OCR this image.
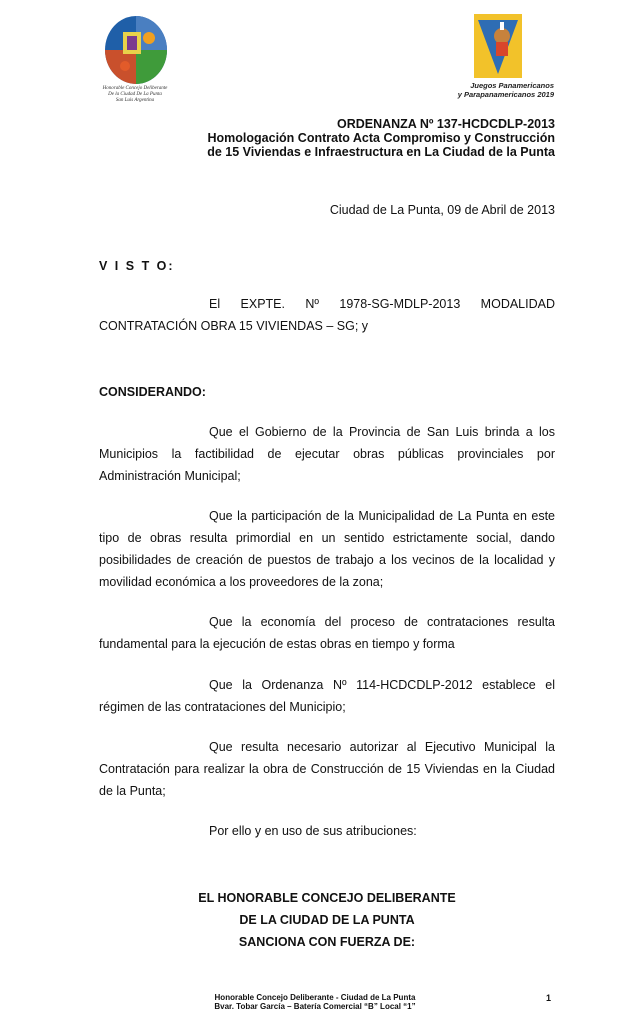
Honorable Concejo Deliberante
De la Ciudad De La Punta
San Luis Argentina
Juegos Panamericanos
y Parapanamericanos 2019
ORDENANZA Nº 137-HCDCDLP-2013
Homologación Contrato Acta Compromiso y Construcción
de 15 Viviendas e Infraestructura en La Ciudad de la Punta
Ciudad de La Punta, 09 de Abril de 2013
V I S T O:
El EXPTE. Nº 1978-SG-MDLP-2013 MODALIDAD
CONTRATACIÓN OBRA 15 VIVIENDAS – SG; y
CONSIDERANDO:
Que el Gobierno de la Provincia de San Luis brinda a los
Municipios la factibilidad de ejecutar obras públicas provinciales por Administración Municipal;
Que la participación de la Municipalidad de La Punta en este
tipo de obras resulta primordial en un sentido estrictamente social, dando posibilidades de creación de puestos de trabajo a los vecinos de la localidad y movilidad económica a los proveedores de la zona;
Que la economía del proceso de contrataciones resulta
fundamental para la ejecución de estas obras en tiempo y forma
Que la Ordenanza Nº 114-HCDCDLP-2012 establece el
régimen de las contrataciones del Municipio;
Que resulta necesario autorizar al Ejecutivo Municipal la
Contratación para realizar la obra de Construcción de 15 Viviendas en la Ciudad de la Punta;
Por ello y en uso de sus atribuciones:
EL HONORABLE CONCEJO DELIBERANTE
DE LA CIUDAD DE LA PUNTA
SANCIONA CON FUERZA DE:
Honorable Concejo Deliberante - Ciudad de La Punta
Bvar. Tobar García – Batería Comercial “B” Local “1”
1
